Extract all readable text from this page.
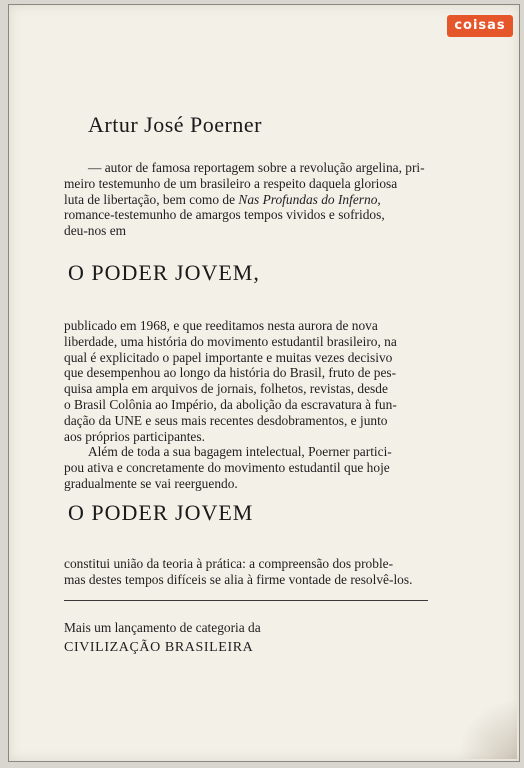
coisas
Artur José Poerner
— autor de famosa reportagem sobre a revolução argelina, pri-
meiro testemunho de um brasileiro a respeito daquela gloriosa
luta de libertação, bem como de Nas Profundas do Inferno,
romance-testemunho de amargos tempos vividos e sofridos,
deu-nos em
O PODER JOVEM,
publicado em 1968, e que reeditamos nesta aurora de nova
liberdade, uma história do movimento estudantil brasileiro, na
qual é explicitado o papel importante e muitas vezes decisivo
que desempenhou ao longo da história do Brasil, fruto de pes-
quisa ampla em arquivos de jornais, folhetos, revistas, desde
o Brasil Colônia ao Império, da abolição da escravatura à fun-
dação da UNE e seus mais recentes desdobramentos, e junto
aos próprios participantes.
Além de toda a sua bagagem intelectual, Poerner partici-
pou ativa e concretamente do movimento estudantil que hoje
gradualmente se vai reerguendo.
O PODER JOVEM
constitui união da teoria à prática: a compreensão dos proble-
mas destes tempos difíceis se alia à firme vontade de resolvê-los.
Mais um lançamento de categoria da
CIVILIZAÇÃO BRASILEIRA
